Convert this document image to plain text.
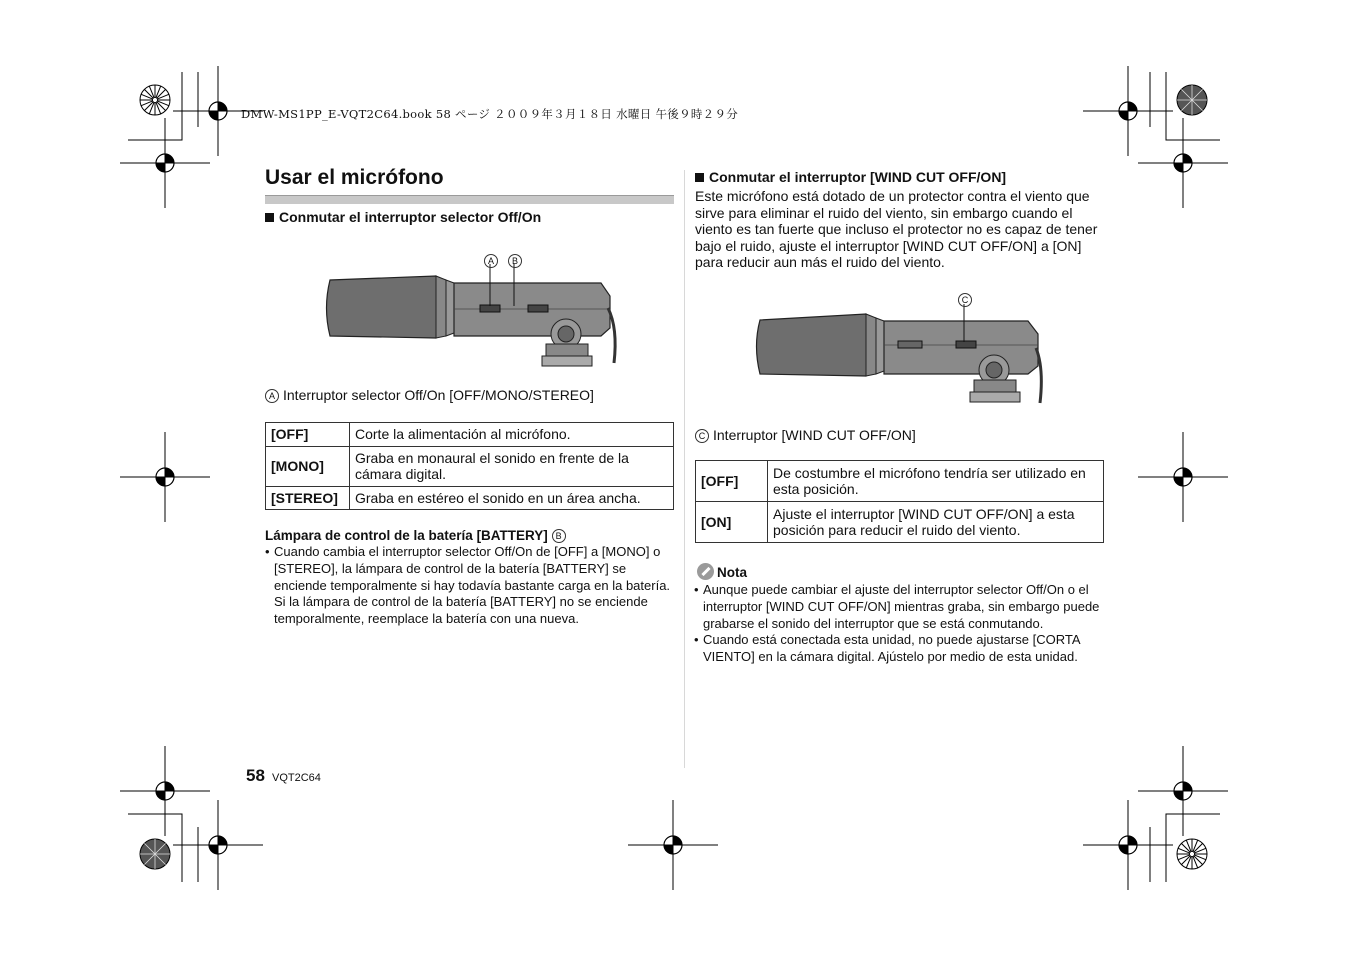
DMW-MS1PP_E-VQT2C64.book 58 ページ ２００９年３月１８日 水曜日 午後９時２９分
Usar el micrófono
Conmutar el interruptor selector Off/On
A	B
A Interruptor selector Off/On [OFF/MONO/STEREO]
[OFF]	Corte la alimentación al micrófono.
[MONO]	Graba en monaural el sonido en frente de la cámara digital.
[STEREO]	Graba en estéreo el sonido en un área ancha.
Lámpara de control de la batería [BATTERY] B
• Cuando cambia el interruptor selector Off/On de [OFF] a [MONO] o [STEREO], la lámpara de control de la batería [BATTERY] se enciende temporalmente si hay todavía bastante carga en la batería. Si la lámpara de control de la batería [BATTERY] no se enciende temporalmente, reemplace la batería con una nueva.
Conmutar el interruptor [WIND CUT OFF/ON]
Este micrófono está dotado de un protector contra el viento que sirve para eliminar el ruido del viento, sin embargo cuando el viento es tan fuerte que incluso el protector no es capaz de tener bajo el ruido, ajuste el interruptor [WIND CUT OFF/ON] a [ON] para reducir aun más el ruido del viento.
C
C Interruptor [WIND CUT OFF/ON]
[OFF]	De costumbre el micrófono tendría ser utilizado en esta posición.
[ON]	Ajuste el interruptor [WIND CUT OFF/ON] a esta posición para reducir el ruido del viento.
Nota
• Aunque puede cambiar el ajuste del interruptor selector Off/On o el interruptor [WIND CUT OFF/ON] mientras graba, sin embargo puede grabarse el sonido del interruptor que se está conmutando.
• Cuando está conectada esta unidad, no puede ajustarse [CORTA VIENTO] en la cámara digital. Ajústelo por medio de esta unidad.
58 VQT2C64
